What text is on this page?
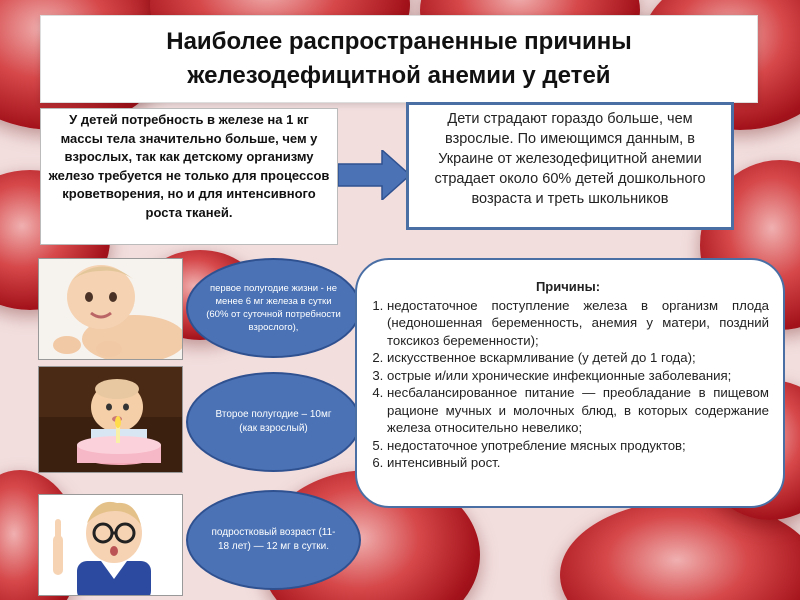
Наиболее распространенные причины
железодефицитной анемии у детей
У детей потребность в железе на 1 кг массы тела значительно больше, чем у взрослых, так как детскому организму железо требуется не только для процессов кроветворения, но и для интенсивного роста тканей.
Дети страдают гораздо больше, чем взрослые. По имеющимся данным, в Украине от железодефицитной анемии страдает около 60% детей дошкольного возраста и треть школьников
первое полугодие жизни - не менее 6 мг железа в сутки (60% от суточной потребности взрослого),
Второе полугодие – 10мг (как взрослый)
подростковый возраст (11-18 лет) — 12 мг в сутки.
Причины:
1. недостаточное поступление железа в организм плода (недоношенная беременность, анемия у матери, поздний токсикоз беременности);
2. искусственное вскармливание (у детей до 1 года);
3. острые и/или хронические инфекционные заболевания;
4. несбалансированное питание — преобладание в пищевом рационе мучных и молочных блюд, в которых содержание железа относительно невелико;
5. недостаточное употребление мясных продуктов;
6. интенсивный рост.
